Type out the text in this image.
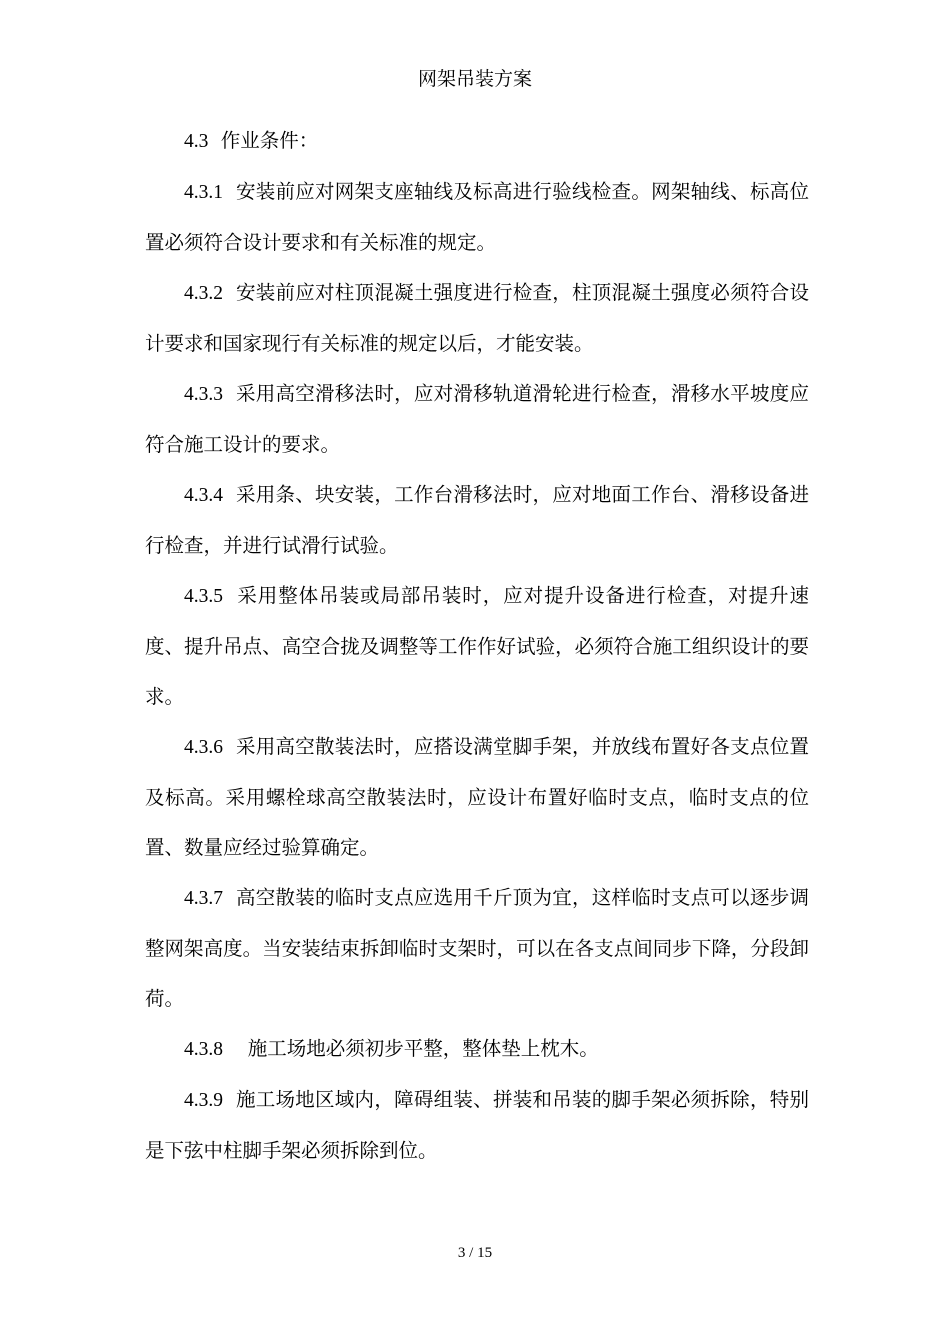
网架吊装方案

4.3 作业条件：

4.3.1 安装前应对网架支座轴线及标高进行验线检查。网架轴线、标高位置必须符合设计要求和有关标准的规定。

4.3.2 安装前应对柱顶混凝土强度进行检查，柱顶混凝土强度必须符合设计要求和国家现行有关标准的规定以后，才能安装。

4.3.3 采用高空滑移法时，应对滑移轨道滑轮进行检查，滑移水平坡度应符合施工设计的要求。

4.3.4 采用条、块安装，工作台滑移法时，应对地面工作台、滑移设备进行检查，并进行试滑行试验。

4.3.5 采用整体吊装或局部吊装时，应对提升设备进行检查，对提升速度、提升吊点、高空合拢及调整等工作作好试验，必须符合施工组织设计的要求。

4.3.6 采用高空散装法时，应搭设满堂脚手架，并放线布置好各支点位置及标高。采用螺栓球高空散装法时，应设计布置好临时支点，临时支点的位置、数量应经过验算确定。

4.3.7 高空散装的临时支点应选用千斤顶为宜，这样临时支点可以逐步调整网架高度。当安装结束拆卸临时支架时，可以在各支点间同步下降，分段卸荷。

4.3.8 施工场地必须初步平整，整体垫上枕木。

4.3.9 施工场地区域内，障碍组装、拼装和吊装的脚手架必须拆除，特别是下弦中柱脚手架必须拆除到位。

3 / 15
